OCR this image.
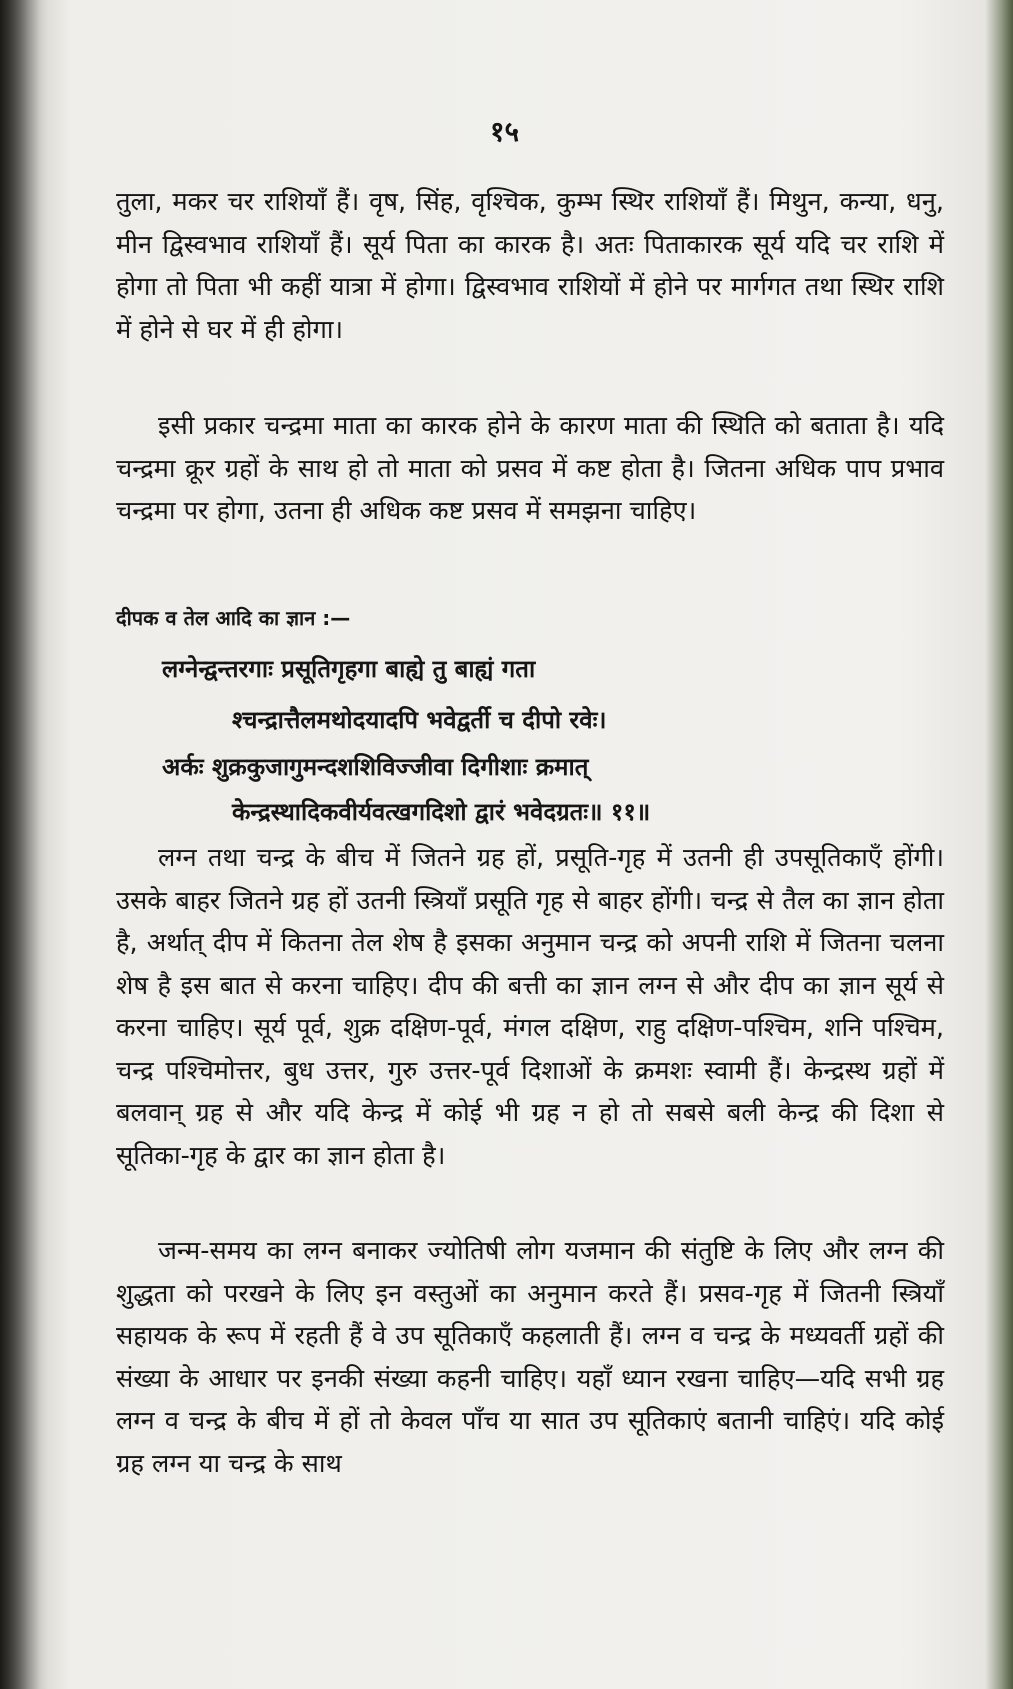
१५

तुला, मकर चर राशियाँ हैं। वृष, सिंह, वृश्चिक, कुम्भ स्थिर राशियाँ हैं। मिथुन, कन्या, धनु, मीन द्विस्वभाव राशियाँ हैं। सूर्य पिता का कारक है। अतः पिताकारक सूर्य यदि चर राशि में होगा तो पिता भी कहीं यात्रा में होगा। द्विस्वभाव राशियों में होने पर मार्गगत तथा स्थिर राशि में होने से घर में ही होगा।

इसी प्रकार चन्द्रमा माता का कारक होने के कारण माता की स्थिति को बताता है। यदि चन्द्रमा क्रूर ग्रहों के साथ हो तो माता को प्रसव में कष्ट होता है। जितना अधिक पाप प्रभाव चन्द्रमा पर होगा, उतना ही अधिक कष्ट प्रसव में समझना चाहिए।

दीपक व तेल आदि का ज्ञान :—
लग्नेन्द्वन्तरगाः प्रसूतिगृहगा बाह्ये तु बाह्यं गता
श्चन्द्रात्तैलमथोदयादपि भवेद्वर्ती च दीपो रवेः।
अर्कः शुक्रकुजागुमन्दशशिविज्जीवा दिगीशाः क्रमात्
केन्द्रस्थादिकवीर्यवत्खगदिशो द्वारं भवेदग्रतः॥ ११॥

लग्न तथा चन्द्र के बीच में जितने ग्रह हों, प्रसूति-गृह में उतनी ही उपसूतिकाएँ होंगी। उसके बाहर जितने ग्रह हों उतनी स्त्रियाँ प्रसूति गृह से बाहर होंगी। चन्द्र से तैल का ज्ञान होता है, अर्थात् दीप में कितना तेल शेष है इसका अनुमान चन्द्र को अपनी राशि में जितना चलना शेष है इस बात से करना चाहिए। दीप की बत्ती का ज्ञान लग्न से और दीप का ज्ञान सूर्य से करना चाहिए। सूर्य पूर्व, शुक्र दक्षिण-पूर्व, मंगल दक्षिण, राहु दक्षिण-पश्चिम, शनि पश्चिम, चन्द्र पश्चिमोत्तर, बुध उत्तर, गुरु उत्तर-पूर्व दिशाओं के क्रमशः स्वामी हैं। केन्द्रस्थ ग्रहों में बलवान् ग्रह से और यदि केन्द्र में कोई भी ग्रह न हो तो सबसे बली केन्द्र की दिशा से सूतिका-गृह के द्वार का ज्ञान होता है।

जन्म-समय का लग्न बनाकर ज्योतिषी लोग यजमान की संतुष्टि के लिए और लग्न की शुद्धता को परखने के लिए इन वस्तुओं का अनुमान करते हैं। प्रसव-गृह में जितनी स्त्रियाँ सहायक के रूप में रहती हैं वे उप सूतिकाएँ कहलाती हैं। लग्न व चन्द्र के मध्यवर्ती ग्रहों की संख्या के आधार पर इनकी संख्या कहनी चाहिए। यहाँ ध्यान रखना चाहिए—यदि सभी ग्रह लग्न व चन्द्र के बीच में हों तो केवल पाँच या सात उप सूतिकाएं बतानी चाहिएं। यदि कोई ग्रह लग्न या चन्द्र के साथ
